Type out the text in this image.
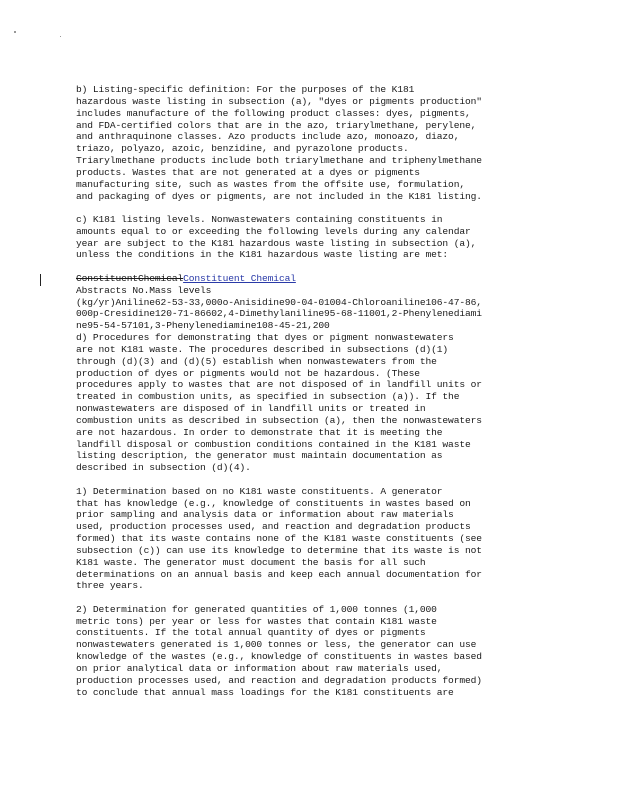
b) Listing-specific definition: For the purposes of the K181
hazardous waste listing in subsection (a), "dyes or pigments production"
includes manufacture of the following product classes: dyes, pigments,
and FDA-certified colors that are in the azo, triarylmethane, perylene,
and anthraquinone classes. Azo products include azo, monoazo, diazo,
triazo, polyazo, azoic, benzidine, and pyrazolone products.
Triarylmethane products include both triarylmethane and triphenylmethane
products. Wastes that are not generated at a dyes or pigments
manufacturing site, such as wastes from the offsite use, formulation,
and packaging of dyes or pigments, are not included in the K181 listing.
c) K181 listing levels. Nonwastewaters containing constituents in
amounts equal to or exceeding the following levels during any calendar
year are subject to the K181 hazardous waste listing in subsection (a),
unless the conditions in the K181 hazardous waste listing are met:
ConstituentChemicalConstituent Chemical
Abstracts No.Mass levels
(kg/yr)Aniline62-53-33,000o-Anisidine90-04-01004-Chloroaniline106-47-86,
000p-Cresidine120-71-86602,4-Dimethylaniline95-68-11001,2-Phenylenediami
ne95-54-57101,3-Phenylenediamine108-45-21,200
d) Procedures for demonstrating that dyes or pigment nonwastewaters
are not K181 waste. The procedures described in subsections (d)(1)
through (d)(3) and (d)(5) establish when nonwastewaters from the
production of dyes or pigments would not be hazardous. (These
procedures apply to wastes that are not disposed of in landfill units or
treated in combustion units, as specified in subsection (a)). If the
nonwastewaters are disposed of in landfill units or treated in
combustion units as described in subsection (a), then the nonwastewaters
are not hazardous. In order to demonstrate that it is meeting the
landfill disposal or combustion conditions contained in the K181 waste
listing description, the generator must maintain documentation as
described in subsection (d)(4).
1) Determination based on no K181 waste constituents. A generator
that has knowledge (e.g., knowledge of constituents in wastes based on
prior sampling and analysis data or information about raw materials
used, production processes used, and reaction and degradation products
formed) that its waste contains none of the K181 waste constituents (see
subsection (c)) can use its knowledge to determine that its waste is not
K181 waste. The generator must document the basis for all such
determinations on an annual basis and keep each annual documentation for
three years.
2) Determination for generated quantities of 1,000 tonnes (1,000
metric tons) per year or less for wastes that contain K181 waste
constituents. If the total annual quantity of dyes or pigments
nonwastewaters generated is 1,000 tonnes or less, the generator can use
knowledge of the wastes (e.g., knowledge of constituents in wastes based
on prior analytical data or information about raw materials used,
production processes used, and reaction and degradation products formed)
to conclude that annual mass loadings for the K181 constituents are
